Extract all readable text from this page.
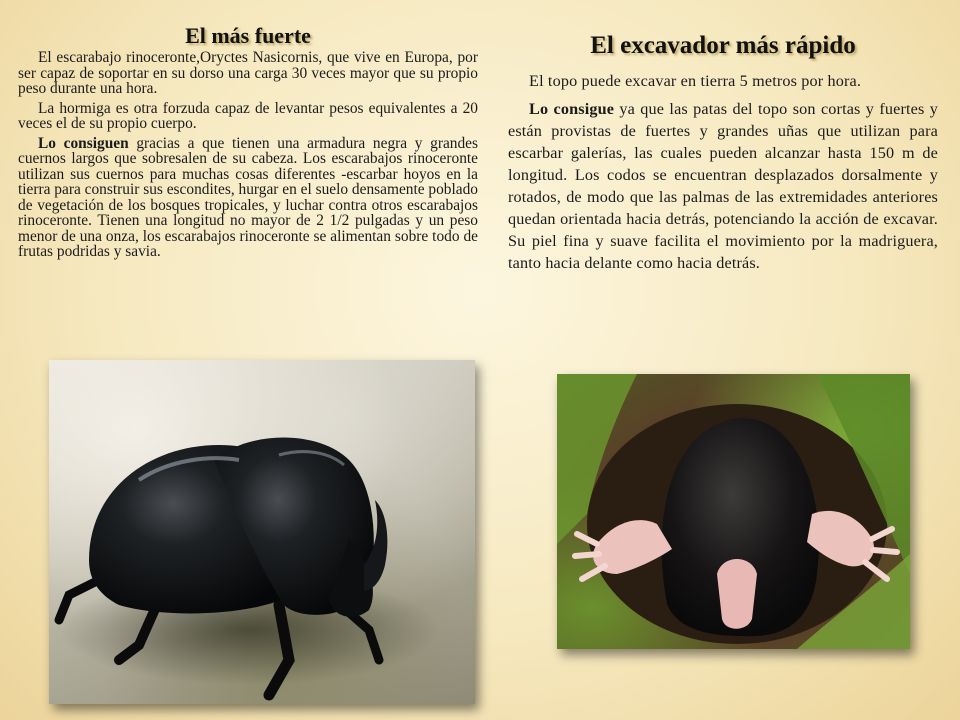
El más fuerte

El escarabajo rinoceronte,Oryctes Nasicornis, que vive en Europa, por ser capaz de soportar en su dorso una carga 30 veces mayor que su propio peso durante una hora.

La hormiga es otra forzuda capaz de levantar pesos equivalentes a 20 veces el de su propio cuerpo.

Lo consiguen gracias a que tienen una armadura negra y grandes cuernos largos que sobresalen de su cabeza. Los escarabajos rinoceronte utilizan sus cuernos para muchas cosas diferentes -escarbar hoyos en la tierra para construir sus escondites, hurgar en el suelo densamente poblado de vegetación de los bosques tropicales, y luchar contra otros escarabajos rinoceronte. Tienen una longitud no mayor de 2 1/2 pulgadas y un peso menor de una onza, los escarabajos rinoceronte se alimentan sobre todo de frutas podridas y savia.

El excavador más rápido

El topo puede excavar en tierra 5 metros por hora.

Lo consigue ya que las patas del topo son cortas y fuertes y están provistas de fuertes y grandes uñas que utilizan para escarbar galerías, las cuales pueden alcanzar hasta 150 m de longitud. Los codos se encuentran desplazados dorsalmente y rotados, de modo que las palmas de las extremidades anteriores quedan orientada hacia detrás, potenciando la acción de excavar. Su piel fina y suave facilita el movimiento por la madriguera, tanto hacia delante como hacia detrás.
